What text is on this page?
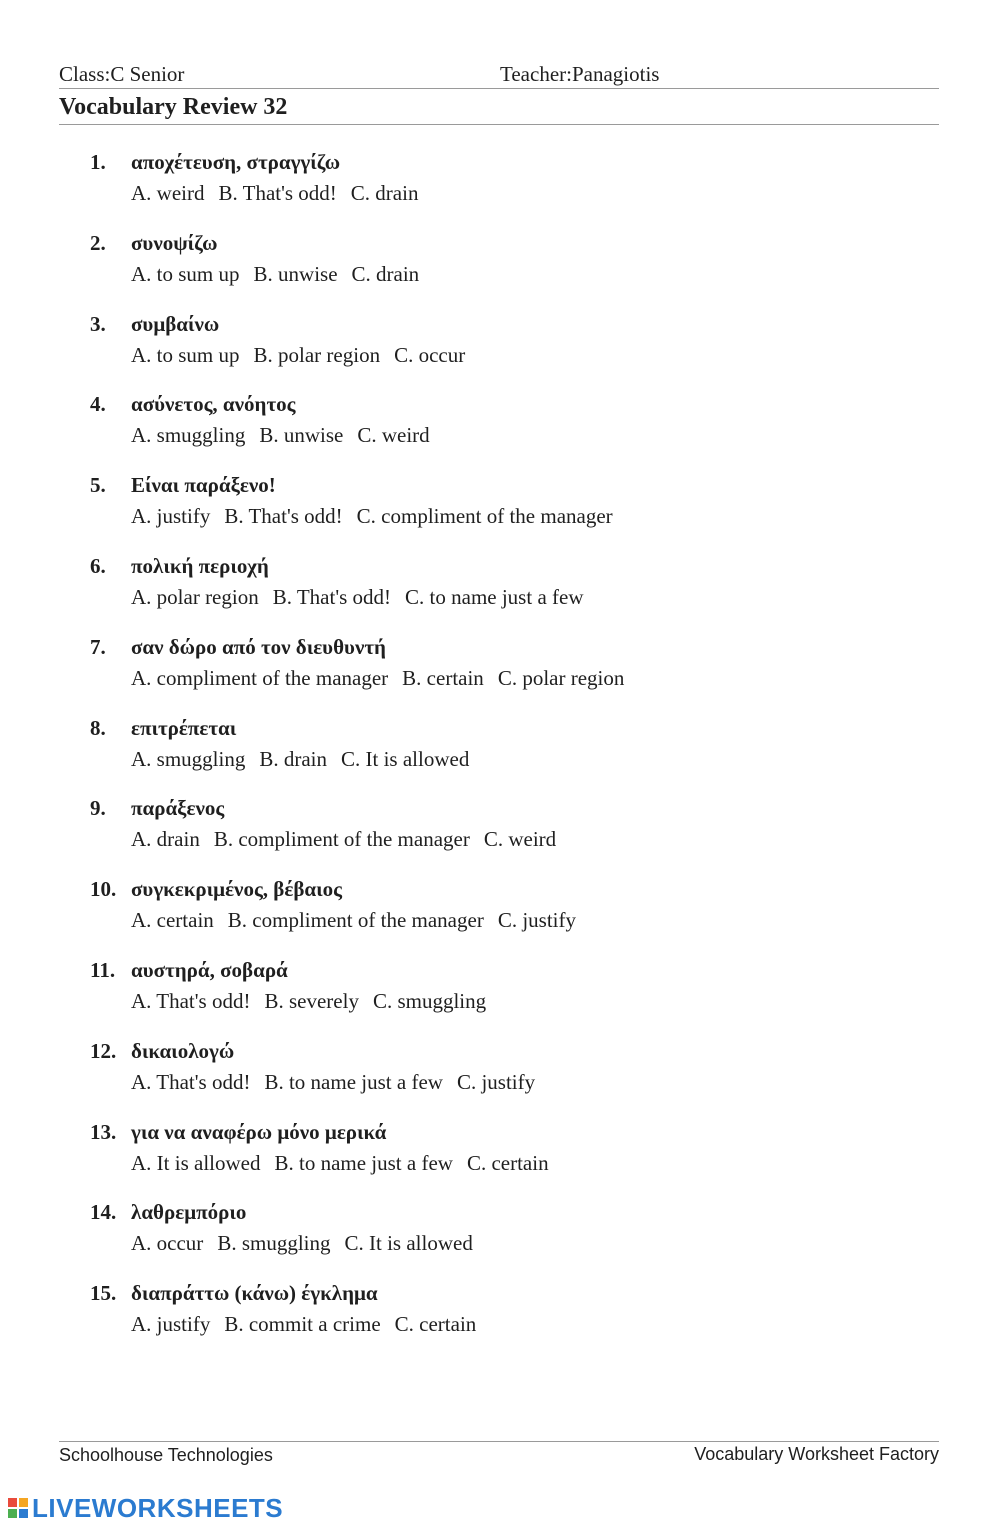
Class:C Senior	Teacher:Panagiotis
Vocabulary Review 32
1. αποχέτευση, στραγγίζω
A. weird B. That's odd! C. drain
2. συνοψίζω
A. to sum up B. unwise C. drain
3. συμβαίνω
A. to sum up B. polar region C. occur
4. ασύνετος, ανόητος
A. smuggling B. unwise C. weird
5. Είναι παράξενο!
A. justify B. That's odd! C. compliment of the manager
6. πολική περιοχή
A. polar region B. That's odd! C. to name just a few
7. σαν δώρο από τον διευθυντή
A. compliment of the manager B. certain C. polar region
8. επιτρέπεται
A. smuggling B. drain C. It is allowed
9. παράξενος
A. drain B. compliment of the manager C. weird
10. συγκεκριμένος, βέβαιος
A. certain B. compliment of the manager C. justify
11. αυστηρά, σοβαρά
A. That's odd! B. severely C. smuggling
12. δικαιολογώ
A. That's odd! B. to name just a few C. justify
13. για να αναφέρω μόνο μερικά
A. It is allowed B. to name just a few C. certain
14. λαθρεμπόριο
A. occur B. smuggling C. It is allowed
15. διαπράττω (κάνω) έγκλημα
A. justify B. commit a crime C. certain
Schoolhouse Technologies	Vocabulary Worksheet Factory
LIVEWORKSHEETS
